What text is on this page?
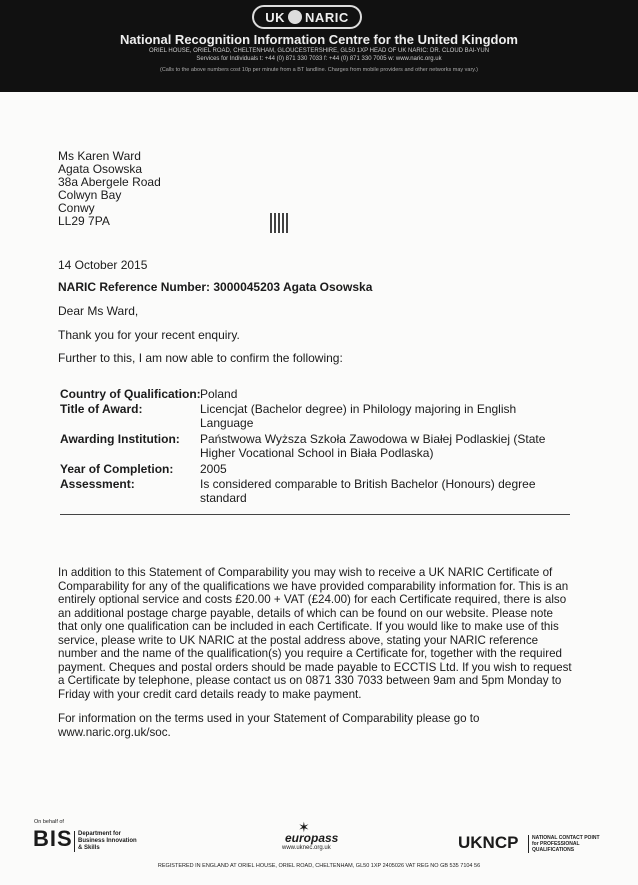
UK NARIC
National Recognition Information Centre for the United Kingdom
ORIEL HOUSE, ORIEL ROAD, CHELTENHAM, GLOUCESTERSHIRE, GL50 1XP HEAD OF UK NARIC: DR. CLOUD BAI-YUN
Services for Individuals t: +44 (0) 871 330 7033 f: +44 (0) 871 330 7005 w: www.naric.org.uk
(Calls to the above numbers cost 10p per minute from a BT landline. Charges from mobile providers and other networks may vary.)
Ms Karen Ward
Agata Osowska
38a Abergele Road
Colwyn Bay
Conwy
LL29 7PA
14 October 2015
NARIC Reference Number: 3000045203 Agata Osowska
Dear Ms Ward,
Thank you for your recent enquiry.
Further to this, I am now able to confirm the following:
Country of Qualification: Poland
Title of Award:	Licencjat (Bachelor degree) in Philology majoring in English Language
Awarding Institution: Państwowa Wyższa Szkoła Zawodowa w Białej Podlaskiej (State Higher Vocational School in Biała Podlaska)
Year of Completion: 2005
Assessment:	Is considered comparable to British Bachelor (Honours) degree standard
In addition to this Statement of Comparability you may wish to receive a UK NARIC Certificate of Comparability for any of the qualifications we have provided comparability information for. This is an entirely optional service and costs £20.00 + VAT (£24.00) for each Certificate required, there is also an additional postage charge payable, details of which can be found on our website. Please note that only one qualification can be included in each Certificate. If you would like to make use of this service, please write to UK NARIC at the postal address above, stating your NARIC reference number and the name of the qualification(s) you require a Certificate for, together with the required payment. Cheques and postal orders should be made payable to ECCTIS Ltd. If you wish to request a Certificate by telephone, please contact us on 0871 330 7033 between 9am and 5pm Monday to Friday with your credit card details ready to make payment.
For information on the terms used in your Statement of Comparability please go to www.naric.org.uk/soc.
On behalf of
BIS Department for Business Innovation & Skills
✶
europass
www.uknec.org.uk	UKNCP	NATIONAL CONTACT POINT for PROFESSIONAL QUALIFICATIONS
REGISTERED IN ENGLAND AT ORIEL HOUSE, ORIEL ROAD, CHELTENHAM, GL50 1XP 2405026 VAT REG NO GB 535 7104 56
